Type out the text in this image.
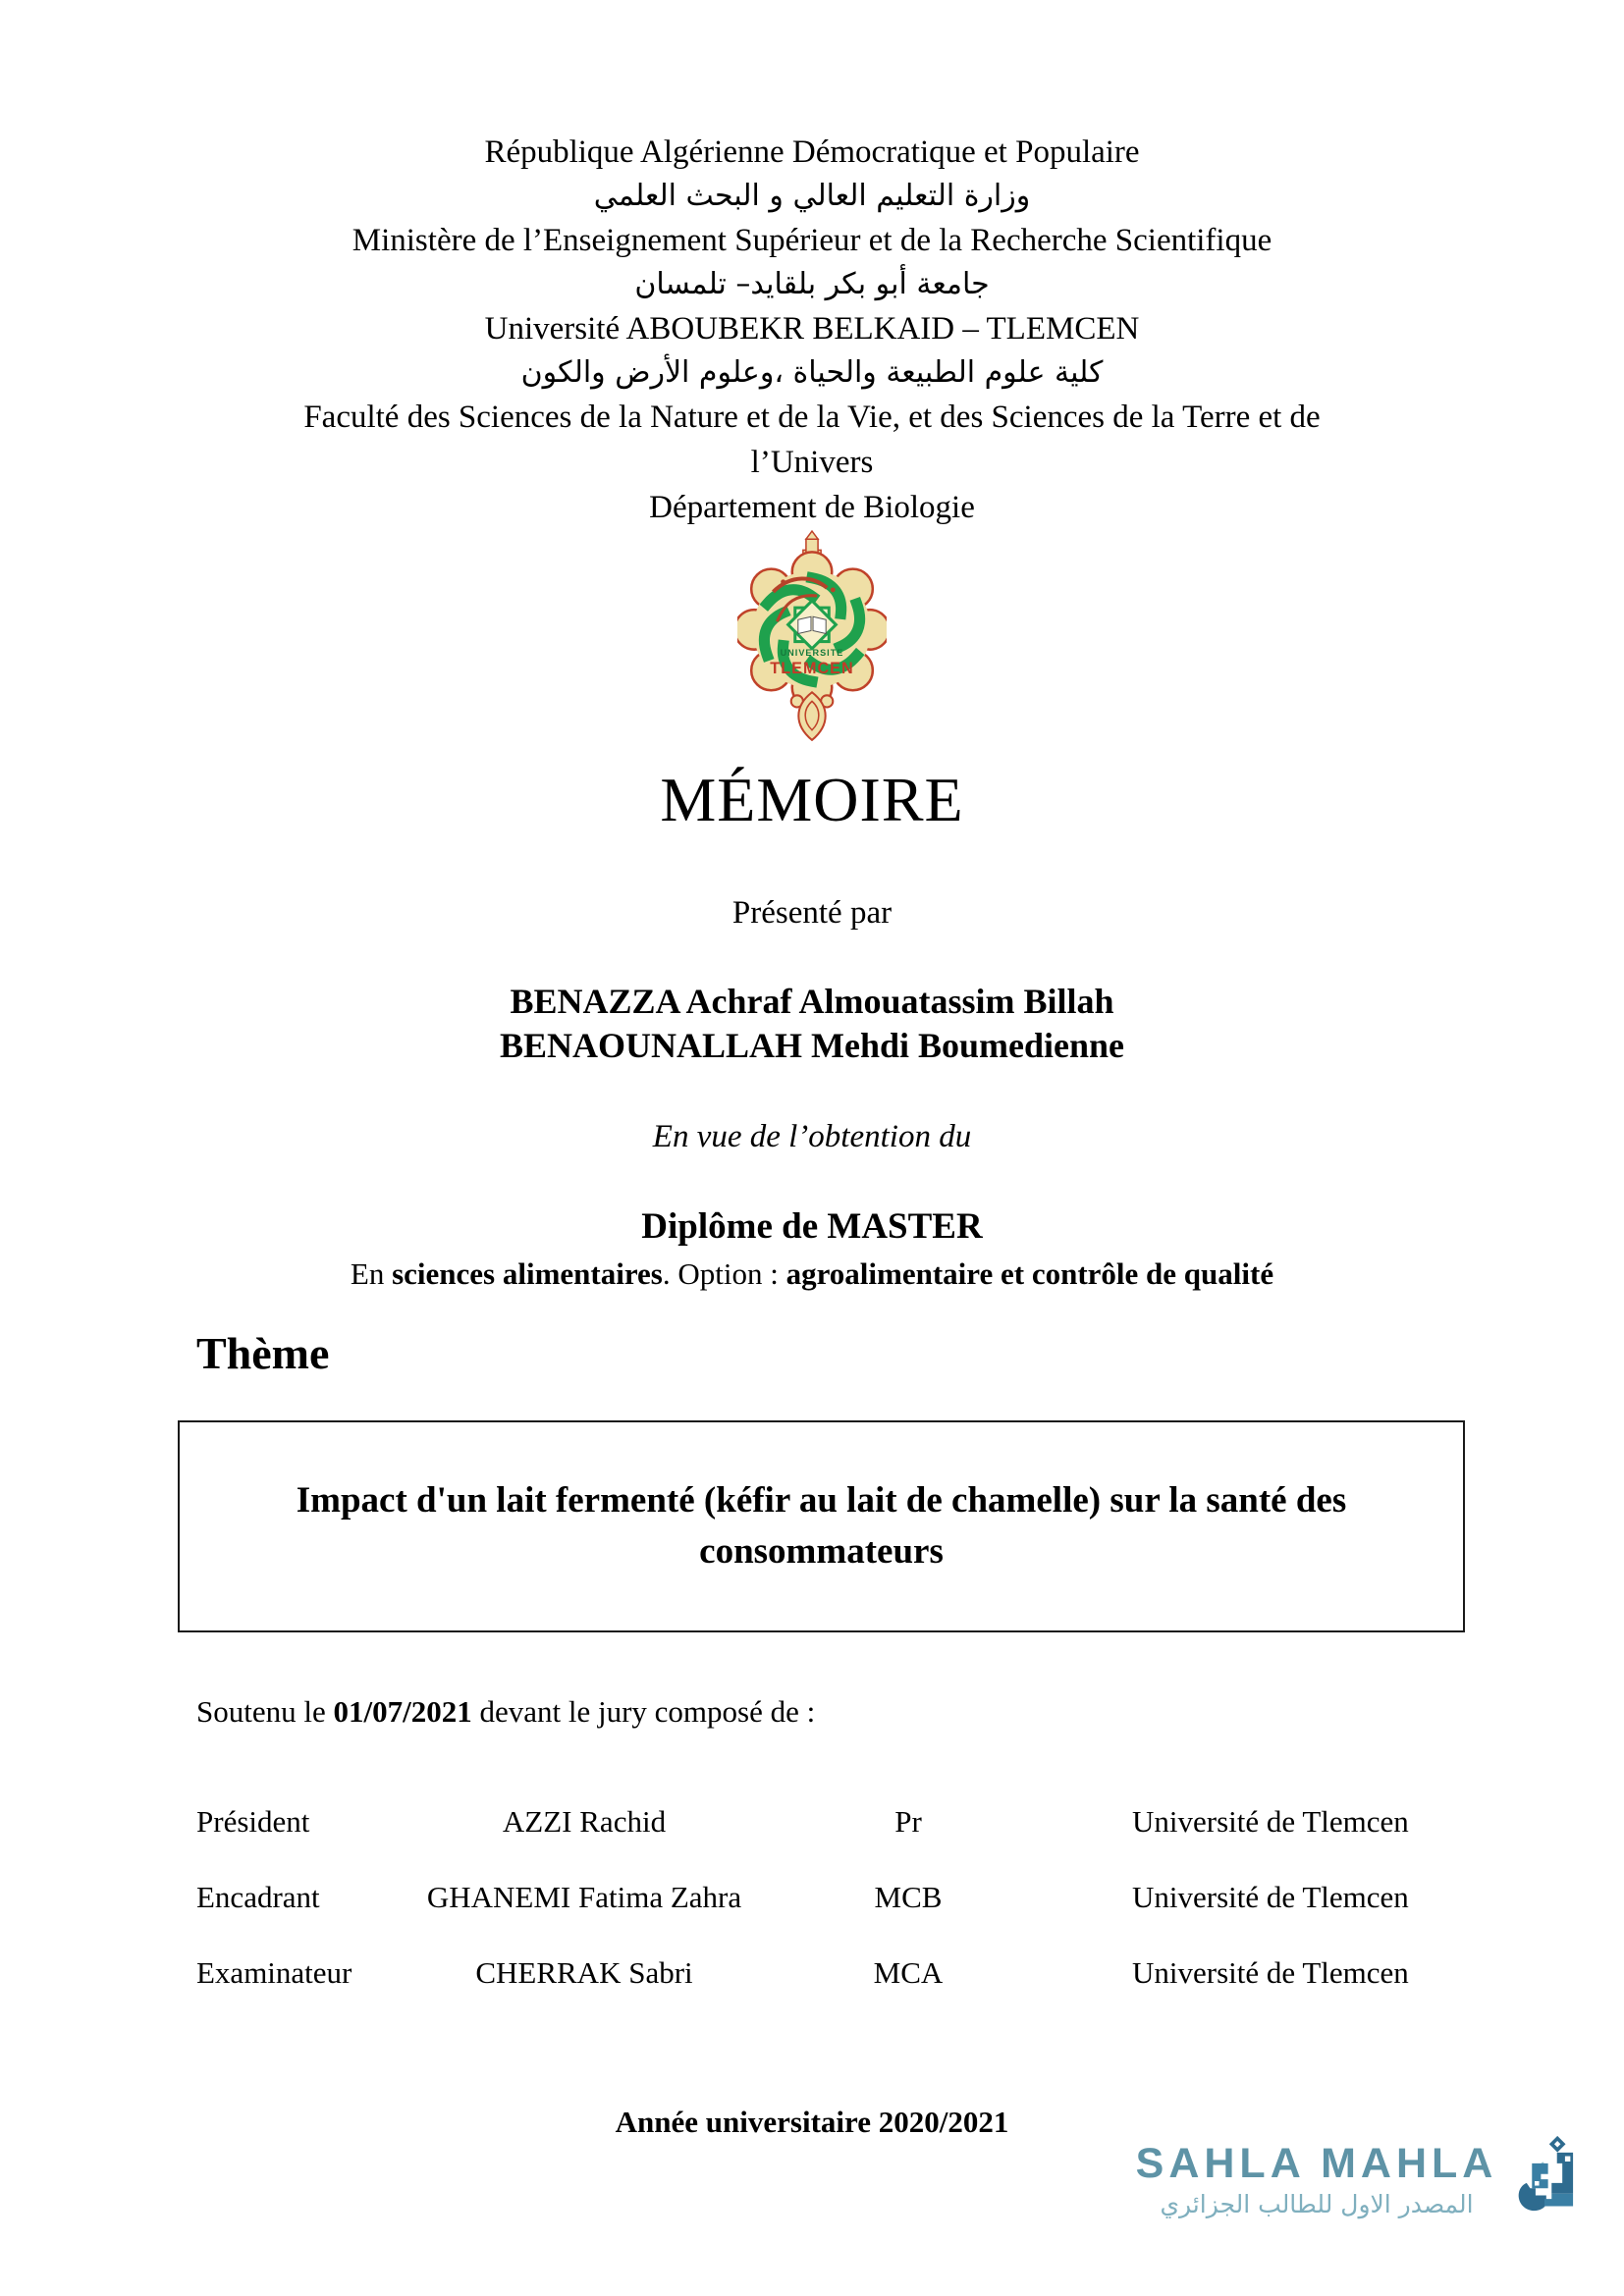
République Algérienne Démocratique et Populaire
وزارة التعليم العالي و البحث العلمي
Ministère de l’Enseignement Supérieur et de la Recherche Scientifique
جامعة أبو بكر بلقايد– تلمسان
Université ABOUBEKR BELKAID – TLEMCEN
كلية علوم الطبيعة والحياة ،وعلوم الأرض والكون
Faculté des Sciences de la Nature et de la Vie, et des Sciences de la Terre et de
l’Univers
Département de Biologie
UNIVERSITE
TLEMCEN
MÉMOIRE
Présenté par
BENAZZA Achraf Almouatassim Billah
BENAOUNALLAH Mehdi Boumedienne
En vue de l’obtention du
Diplôme de MASTER
En sciences alimentaires. Option : agroalimentaire et contrôle de qualité
Thème
Impact d'un lait fermenté (kéfir au lait de chamelle) sur la santé des consommateurs
Soutenu le 01/07/2021 devant le jury composé de :
Président	AZZI Rachid	Pr	Université de Tlemcen
Encadrant	GHANEMI Fatima Zahra	MCB	Université de Tlemcen
Examinateur	CHERRAK Sabri	MCA	Université de Tlemcen
Année universitaire 2020/2021
SAHLA MAHLA
المصدر الاول للطالب الجزائري
